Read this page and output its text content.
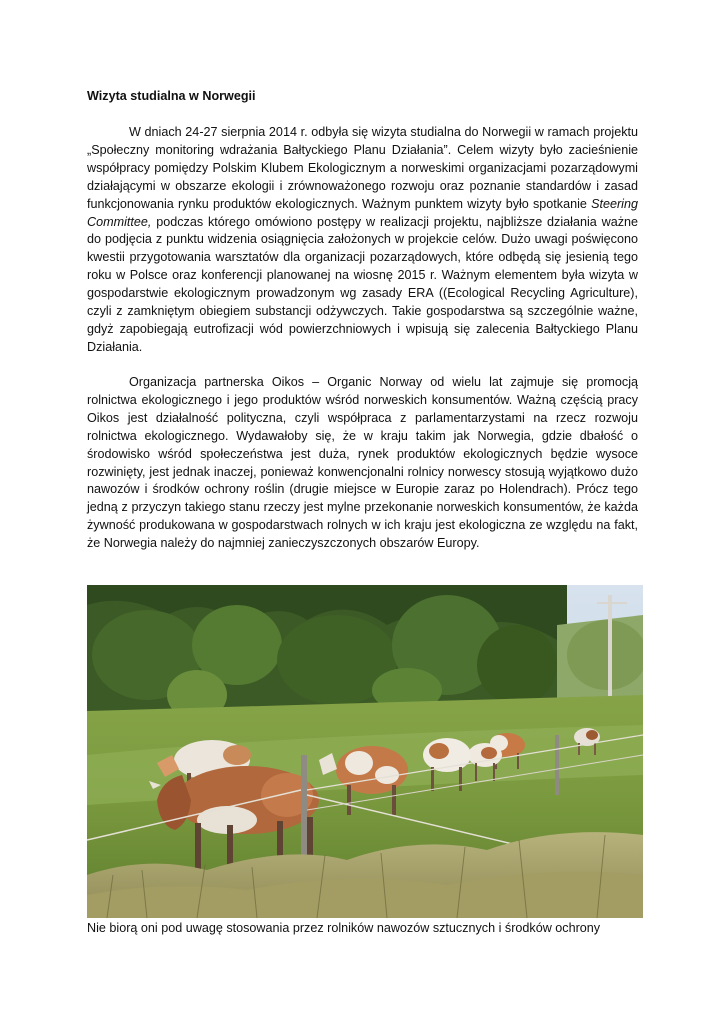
Wizyta studialna w Norwegii

W dniach 24-27 sierpnia 2014 r. odbyła się wizyta studialna do Norwegii w ramach projektu „Społeczny monitoring wdrażania Bałtyckiego Planu Działania”. Celem wizyty było zacieśnienie współpracy pomiędzy Polskim Klubem Ekologicznym a norweskimi organizacjami pozarządowymi działającymi w obszarze ekologii i zrównoważonego rozwoju oraz poznanie standardów i zasad funkcjonowania rynku produktów ekologicznych. Ważnym punktem wizyty było spotkanie Steering Committee, podczas którego omówiono postępy w realizacji projektu, najbliższe działania ważne do podjęcia z punktu widzenia osiągnięcia założonych w projekcie celów. Dużo uwagi poświęcono kwestii przygotowania warsztatów dla organizacji pozarządowych, które odbędą się jesienią tego roku w Polsce oraz konferencji planowanej na wiosnę 2015 r. Ważnym elementem była wizyta w gospodarstwie ekologicznym prowadzonym wg zasady ERA ((Ecological Recycling Agriculture), czyli z zamkniętym obiegiem substancji odżywczych. Takie gospodarstwa są szczególnie ważne, gdyż zapobiegają eutrofizacji wód powierzchniowych i wpisują się zalecenia Bałtyckiego Planu Działania.

Organizacja partnerska Oikos – Organic Norway od wielu lat zajmuje się promocją rolnictwa ekologicznego i jego produktów wśród norweskich konsumentów. Ważną częścią pracy Oikos jest działalność polityczna, czyli współpraca z parlamentarzystami na rzecz rozwoju rolnictwa ekologicznego. Wydawałoby się, że w kraju takim jak Norwegia, gdzie dbałość o środowisko wśród społeczeństwa jest duża, rynek produktów ekologicznych będzie wysoce rozwinięty, jest jednak inaczej, ponieważ konwencjonalni rolnicy norwescy stosują wyjątkowo dużo nawozów i środków ochrony roślin (drugie miejsce w Europie zaraz po Holendrach). Prócz tego jedną z przyczyn takiego stanu rzeczy jest mylne przekonanie norweskich konsumentów, że każda żywność produkowana w gospodarstwach rolnych w ich kraju jest ekologiczna ze względu na fakt, że Norwegia należy do najmniej zanieczyszczonych obszarów Europy.

Nie biorą oni pod uwagę stosowania przez rolników nawozów sztucznych i środków ochrony
